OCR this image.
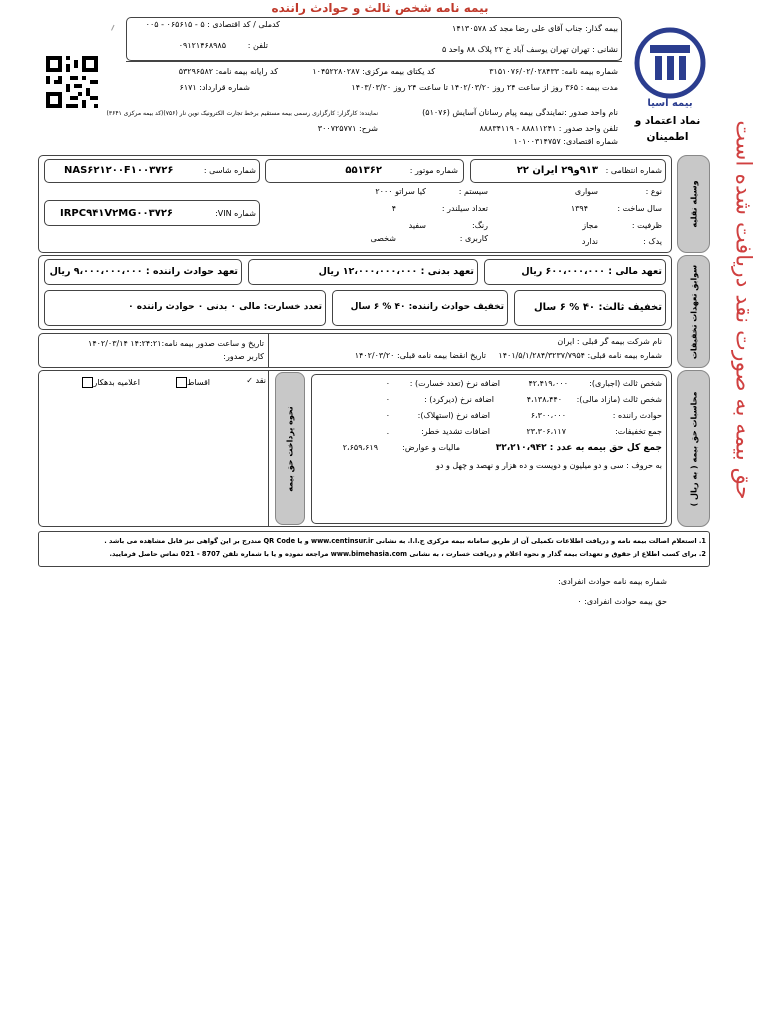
بیمه نامه شخص ثالث و حوادث راننده
حق بیمه به صورت نقد دریافت شده است
بیمه آسیا
نماد اعتماد و اطمینان
بیمه گذار: جناب آقای علی رضا مجد کد ۱۴۱۳۰۵۷۸
نشانی : تهران تهران یوسف آباد خ ۲۲ پلاک ۸۸ واحد ۵
کدملی / کد اقتصادی : ۵ - ۰۶۵۶۱۵ - ۰۰۵
تلفن :
۰۹۱۲۱۴۶۸۹۸۵
شماره بیمه نامه: ۳۱۵۱۰۷۶/۰۲/۰۲۸۴۳۳
کد یکتای بیمه مرکزی: ۱۰۴۵۲۲۸۰۲۸۷
کد رایانه بیمه نامه: ۵۳۲۹۶۵۸۲
مدت بیمه : ۳۶۵ روز از ساعت ۲۴ روز ۱۴۰۲/۰۳/۲۰ تا ساعت ۲۴ روز ۱۴۰۳/۰۳/۲۰
شماره قرارداد: ۶۱۷۱
نام واحد صدور :نمایندگی بیمه پیام رسانان آسایش (۵۱۰۷۶)
نماینده: کارگزار: کارگزاری رسمی بیمه مستقیم برخط تجارت الکترونیک نوین نار (۷۵۶)(کد بیمه مرکزی ۳۶۴۱)
تلفن واحد صدور : ۸۸۸۱۱۲۴۱ - ۸۸۸۳۴۱۱۹
شرح: ۳۰۰۷۲۵۷۷۱
شماره اقتصادی: ۱۰۱۰۰۳۱۴۷۵۷
وسیله نقلیه
شماره انتظامی :
۹۱۳و۲۹ ایران ۲۲
شماره موتور :
۵۵۱۳۶۲
شماره شاسی :
NAS۶۲۱۲۰۰F۱۰۰۳۷۲۶
شماره VIN:
IRPC۹۴۱V۲MG۰۰۳۷۲۶
نوع :
سواری
سیستم :
کیا سراتو ۲۰۰۰
سال ساخت :
۱۳۹۴
تعداد سیلندر :
۴
ظرفیت :
مجاز
رنگ:
سفید
یدک :
ندارد
کاربری :
شخصی
سوابق تعهدات تخفیفات
تعهد مالی : ۶۰۰،۰۰۰،۰۰۰ ریال
تعهد بدنی : ۱۲،۰۰۰،۰۰۰،۰۰۰ ریال
تعهد حوادث راننده : ۹،۰۰۰،۰۰۰،۰۰۰ ریال
تخفیف ثالث: ۴۰ % ۶ سال
تخفیف حوادث راننده: ۴۰ % ۶ سال
تعدد خسارت: مالی ۰ بدنی ۰ حوادث راننده ۰
نام شرکت بیمه گر قبلی : ایران
شماره بیمه نامه قبلی: ۱۴۰۱/۵/۱/۲۸۴/۳۲۳۷/۷۹۵۴
تاریخ انقضا بیمه نامه قبلی: ۱۴۰۲/۰۳/۲۰
تاریخ و ساعت صدور بیمه نامه:۱۴:۲۴:۲۱ ۱۴۰۲/۰۳/۱۴
کاربر صدور:
محاسبات حق بیمه ( به ریال )
نحوه پرداخت حق بیمه
نقد ✓
اقساط
اعلامیه بدهکار	شخص ثالث (اجباری):
۴۲،۴۱۹،۰۰۰
اضافه نرخ (تعدد خسارت) :
۰
شخص ثالث (مازاد مالی):
۴،۱۳۸،۴۴۰
اضافه نرخ (دیرکرد) :
۰
حوادث راننده :
۶،۳۰۰،۰۰۰
اضافه نرخ (استهلاک):
۰
جمع تخفیفات:
۲۳،۳۰۶،۱۱۷
اضافات تشدید خطر:
۰
جمع کل حق بیمه به عدد : ۳۲،۲۱۰،۹۴۲
مالیات و عوارض:
۲،۶۵۹،۶۱۹
به حروف : سی و دو میلیون و دویست و ده هزار و نهصد و چهل و دو
1. استعلام اصالت بیمه نامه و دریافت اطلاعات تکمیلی آن از طریق سامانه بیمه مرکزی ج.ا.ا. به نشانی www.centinsur.ir و یا QR Code مندرج بر این گواهی نیز قابل مشاهده می باشد .
2. برای کسب اطلاع از حقوق و تعهدات بیمه گذار و نحوه اعلام و دریافت خسارت ، به نشانی www.bimehasia.com مراجعه نموده و یا با شماره تلفن 8707 - 021 تماس حاصل فرمایید.
شماره بیمه نامه حوادث انفرادی:
حق بیمه حوادث انفرادی: ۰
